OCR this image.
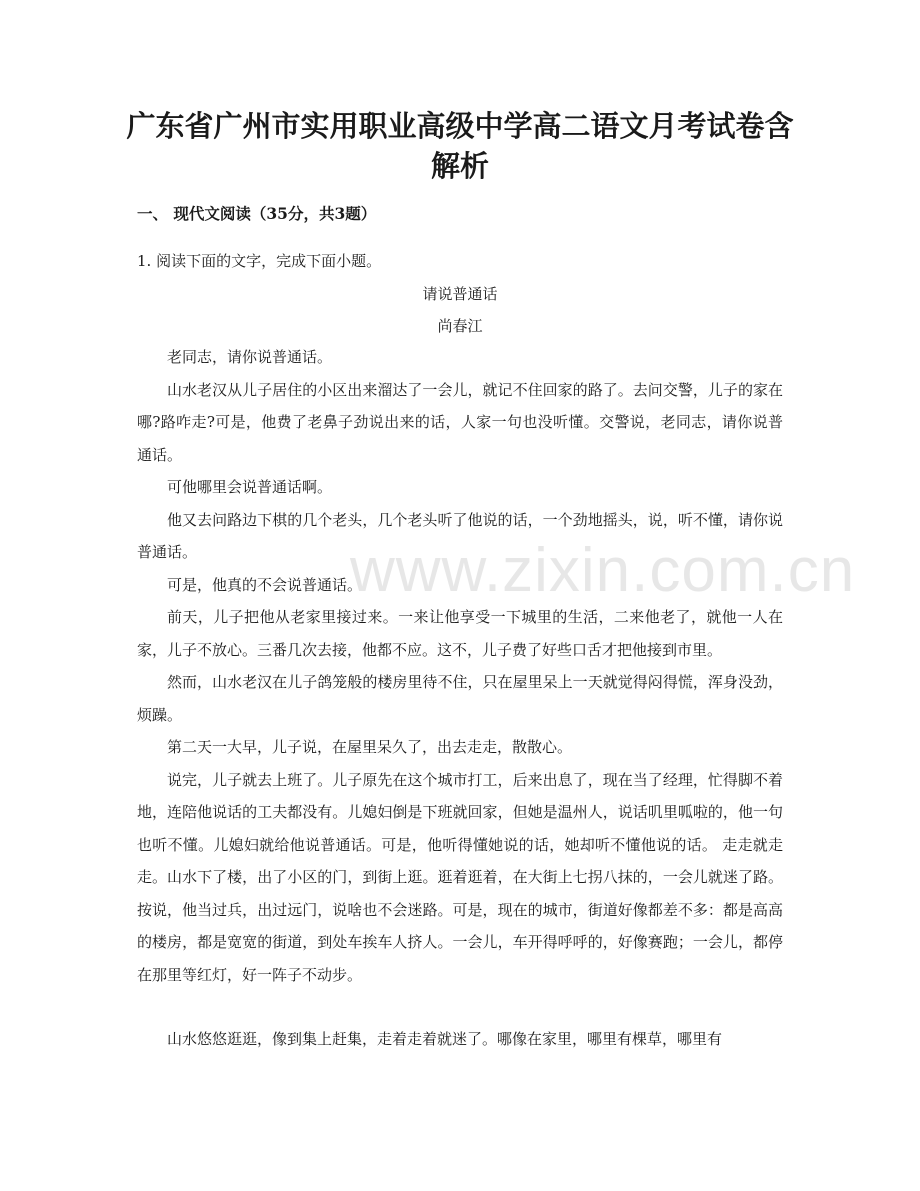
广东省广州市实用职业高级中学高二语文月考试卷含解析
一、 现代文阅读（35分，共3题）

1. 阅读下面的文字，完成下面小题。

请说普通话

尚春江

老同志，请你说普通话。

山水老汉从儿子居住的小区出来溜达了一会儿，就记不住回家的路了。去问交警，儿子的家在哪?路咋走?可是，他费了老鼻子劲说出来的话，人家一句也没听懂。交警说，老同志，请你说普通话。

可他哪里会说普通话啊。

他又去问路边下棋的几个老头，几个老头听了他说的话，一个劲地摇头，说，听不懂，请你说普通话。

可是，他真的不会说普通话。

前天，儿子把他从老家里接过来。一来让他享受一下城里的生活，二来他老了，就他一人在家，儿子不放心。三番几次去接，他都不应。这不，儿子费了好些口舌才把他接到市里。

然而，山水老汉在儿子鸽笼般的楼房里待不住，只在屋里呆上一天就觉得闷得慌，浑身没劲，烦躁。

第二天一大早，儿子说，在屋里呆久了，出去走走，散散心。

说完，儿子就去上班了。儿子原先在这个城市打工，后来出息了，现在当了经理，忙得脚不着地，连陪他说话的工夫都没有。儿媳妇倒是下班就回家，但她是温州人，说话叽里呱啦的，他一句也听不懂。儿媳妇就给他说普通话。可是，他听得懂她说的话，她却听不懂他说的话。 走走就走走。山水下了楼，出了小区的门，到街上逛。逛着逛着，在大街上七拐八抹的，一会儿就迷了路。按说，他当过兵，出过远门，说啥也不会迷路。可是，现在的城市，街道好像都差不多：都是高高的楼房，都是宽宽的街道，到处车挨车人挤人。一会儿，车开得呼呼的，好像赛跑；一会儿，都停在那里等红灯，好一阵子不动步。

山水悠悠逛逛，像到集上赶集，走着走着就迷了。哪像在家里，哪里有棵草，哪里有

www.zixin.com.cn
